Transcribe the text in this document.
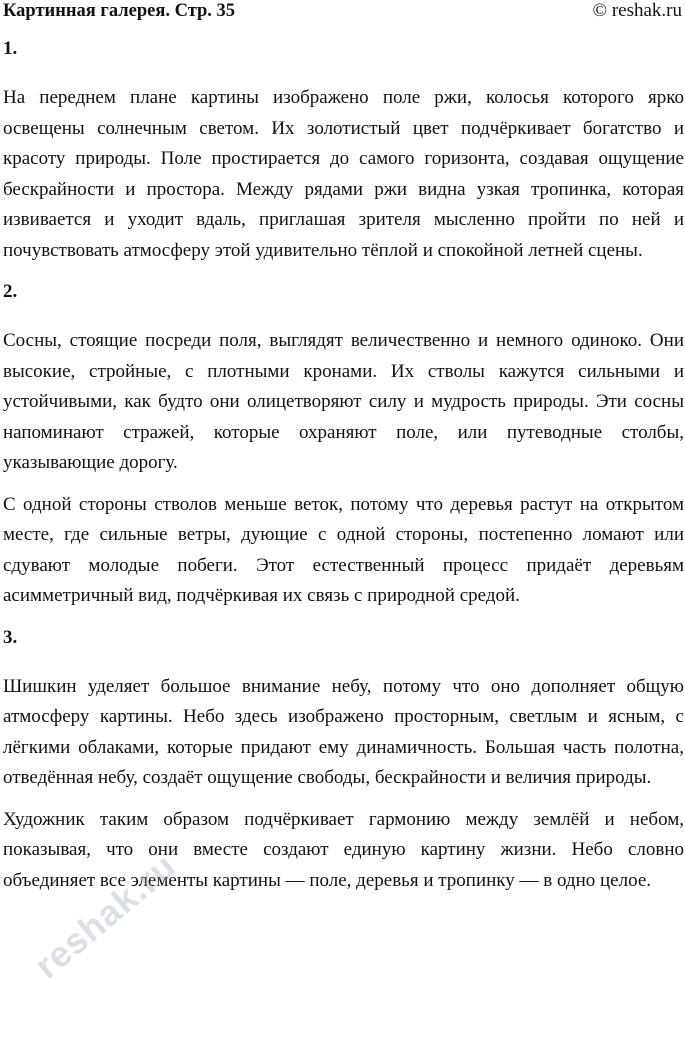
Картинная галерея. Стр. 35	© reshak.ru
1.

На переднем плане картины изображено поле ржи, колосья которого ярко освещены солнечным светом. Их золотистый цвет подчёркивает богатство и красоту природы. Поле простирается до самого горизонта, создавая ощущение бескрайности и простора. Между рядами ржи видна узкая тропинка, которая извивается и уходит вдаль, приглашая зрителя мысленно пройти по ней и почувствовать атмосферу этой удивительно тёплой и спокойной летней сцены.

2.

Сосны, стоящие посреди поля, выглядят величественно и немного одиноко. Они высокие, стройные, с плотными кронами. Их стволы кажутся сильными и устойчивыми, как будто они олицетворяют силу и мудрость природы. Эти сосны напоминают стражей, которые охраняют поле, или путеводные столбы, указывающие дорогу.

С одной стороны стволов меньше веток, потому что деревья растут на открытом месте, где сильные ветры, дующие с одной стороны, постепенно ломают или сдувают молодые побеги. Этот естественный процесс придаёт деревьям асимметричный вид, подчёркивая их связь с природной средой.

3.

Шишкин уделяет большое внимание небу, потому что оно дополняет общую атмосферу картины. Небо здесь изображено просторным, светлым и ясным, с лёгкими облаками, которые придают ему динамичность. Большая часть полотна, отведённая небу, создаёт ощущение свободы, бескрайности и величия природы.

Художник таким образом подчёркивает гармонию между землёй и небом, показывая, что они вместе создают единую картину жизни. Небо словно объединяет все элементы картины — поле, деревья и тропинку — в одно целое.

reshak.ru
